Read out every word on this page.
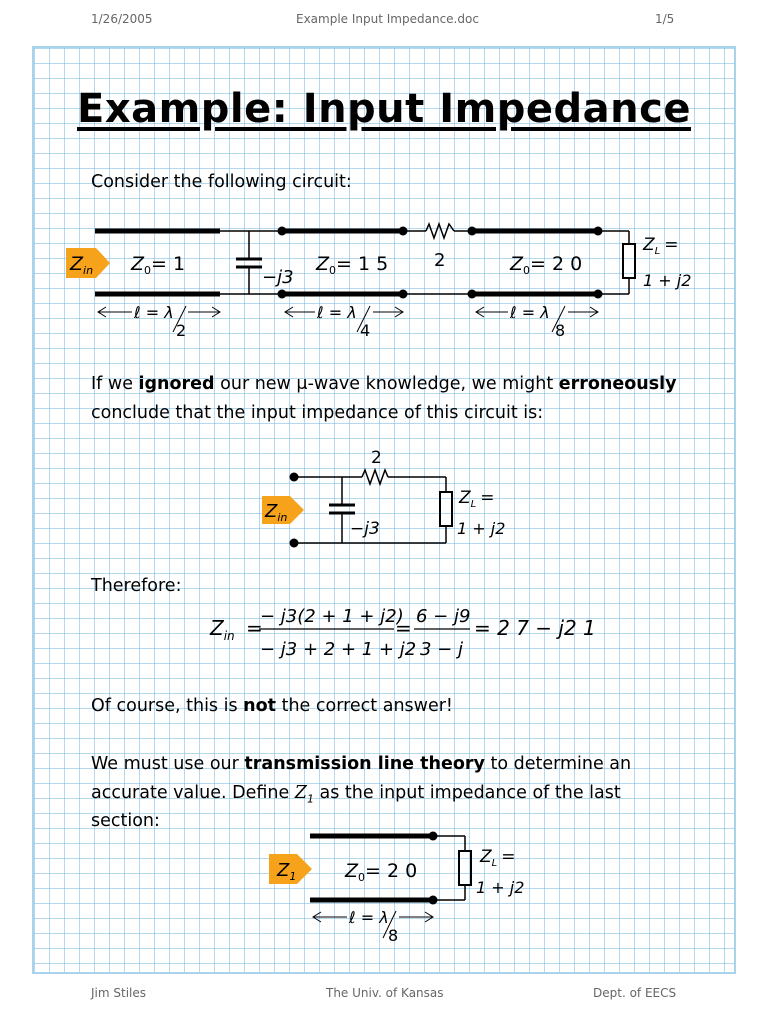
1/26/2005	Example Input Impedance.doc	1/5
Example: Input Impedance
Consider the following circuit:
$Z_{in}$ $Z_0= 1$
−j3
$Z_0= 1$ 5	2	$Z_0= 2$ 0
$Z_L$ =
1 + j2
ℓ = λ
2
ℓ = λ
4
ℓ = λ
8
If we ignored our new μ-wave knowledge, we might erroneously
conclude that the input impedance of this circuit is:
$Z_{in}$
2
−j3
$Z_L$ =
1 + j2
Therefore:
$Z_{in}$ =
− j3(2 + 1 + j2)
− j3 + 2 + 1 + j2
= 6 − j9
3 − j
= 2 7 − j2 1
Of course, this is not the correct answer!
We must use our transmission line theory to determine an
accurate value. Define $Z_1$ as the input impedance of the last
section:
$Z_1$	$Z_0= 2$ 0
$Z_L$ =
1 + j2
ℓ = λ
8
Jim Stiles	The Univ. of Kansas	Dept. of EECS
